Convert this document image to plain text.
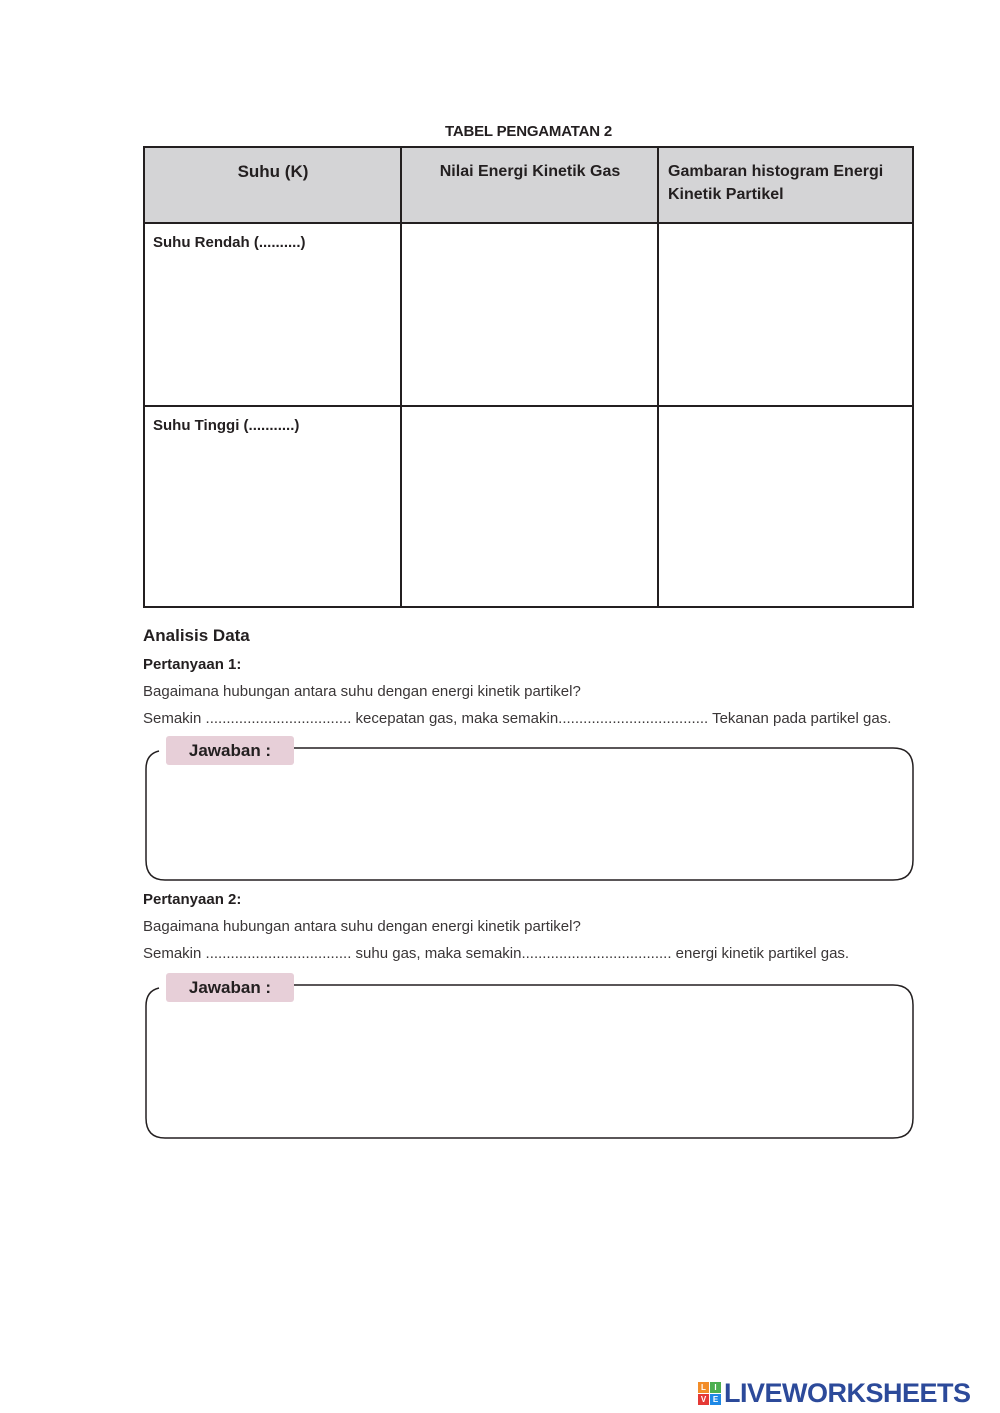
TABEL PENGAMATAN 2
Suhu (K)	Nilai Energi Kinetik Gas	Gambaran histogram Energi Kinetik Partikel
Suhu Rendah (..........)		
Suhu Tinggi (...........)		
Analisis Data
Pertanyaan 1:
Bagaimana hubungan antara suhu dengan energi kinetik partikel?
Semakin ................................... kecepatan gas, maka semakin.................................... Tekanan pada partikel gas.
Jawaban :
Pertanyaan 2:
Bagaimana hubungan antara suhu dengan energi kinetik partikel?
Semakin ................................... suhu gas, maka semakin.................................... energi kinetik partikel gas.
Jawaban :
L	I
V E LIVEWORKSHEETS
